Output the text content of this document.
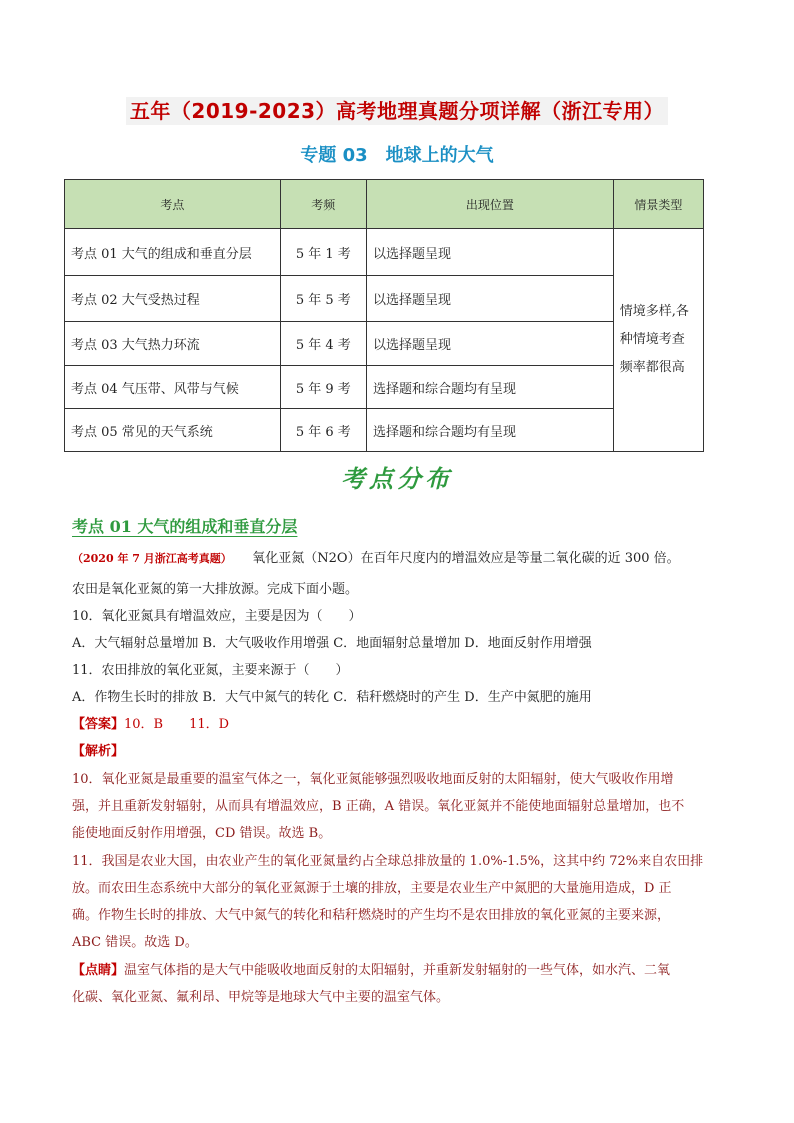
五年（2019-2023）高考地理真题分项详解（浙江专用）
专题 03　地球上的大气
考点	考频	出现位置	情景类型
考点 01 大气的组成和垂直分层	5 年 1 考	以选择题呈现	情境多样,各种情境考查频率都很高
考点 02 大气受热过程	5 年 5 考	以选择题呈现	
考点 03 大气热力环流	5 年 4 考	以选择题呈现	
考点 04 气压带、风带与气候	5 年 9 考	选择题和综合题均有呈现	
考点 05 常见的天气系统	5 年 6 考	选择题和综合题均有呈现	
考点分布
考点 01 大气的组成和垂直分层
（2020 年 7 月浙江高考真题）　　氧化亚氮（N2O）在百年尺度内的增温效应是等量二氧化碳的近 300 倍。
农田是氧化亚氮的第一大排放源。完成下面小题。
10．氧化亚氮具有增温效应，主要是因为（　　）
A．大气辐射总量增加 B．大气吸收作用增强 C．地面辐射总量增加 D．地面反射作用增强
11．农田排放的氧化亚氮，主要来源于（　　）
A．作物生长时的排放 B．大气中氮气的转化 C．秸秆燃烧时的产生 D．生产中氮肥的施用
【答案】10．B　　11．D
【解析】
10．氧化亚氮是最重要的温室气体之一，氧化亚氮能够强烈吸收地面反射的太阳辐射，使大气吸收作用增
强，并且重新发射辐射，从而具有增温效应，B 正确，A 错误。氧化亚氮并不能使地面辐射总量增加，也不
能使地面反射作用增强，CD 错误。故选 B。
11．我国是农业大国，由农业产生的氧化亚氮量约占全球总排放量的 1.0%-1.5%，这其中约 72%来自农田排
放。而农田生态系统中大部分的氧化亚氮源于土壤的排放，主要是农业生产中氮肥的大量施用造成，D 正
确。作物生长时的排放、大气中氮气的转化和秸秆燃烧时的产生均不是农田排放的氧化亚氮的主要来源，
ABC 错误。故选 D。
【点睛】温室气体指的是大气中能吸收地面反射的太阳辐射，并重新发射辐射的一些气体，如水汽、二氧
化碳、氧化亚氮、氟利昂、甲烷等是地球大气中主要的温室气体。
